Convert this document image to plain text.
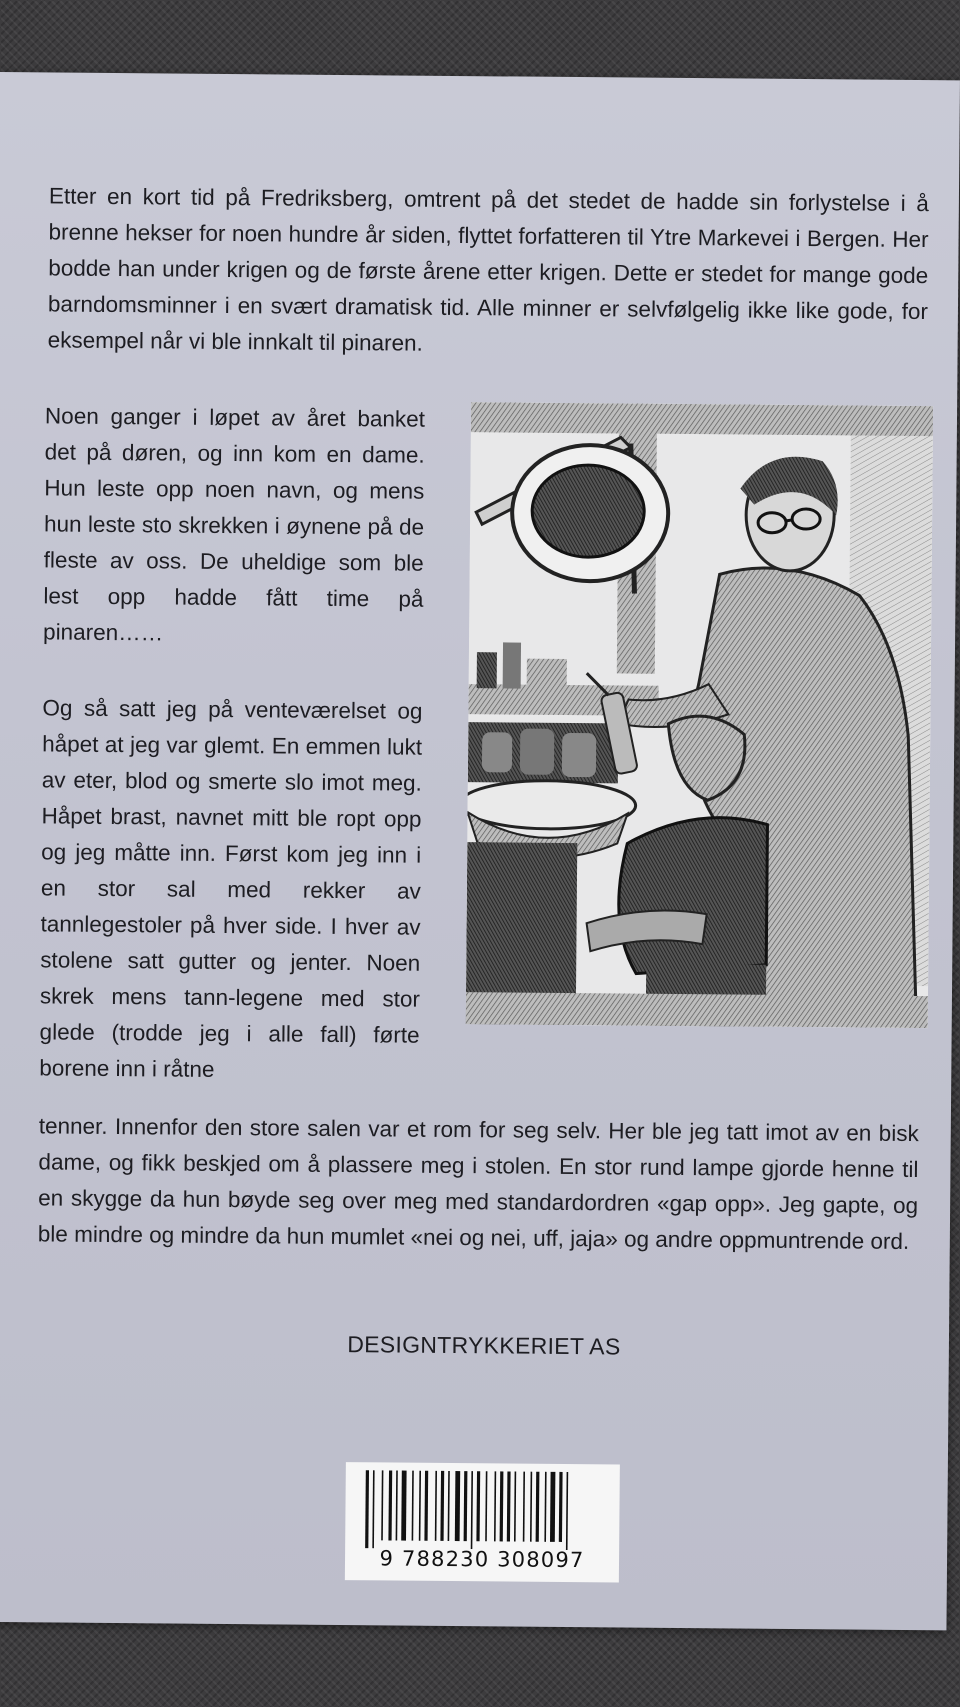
Etter en kort tid på Fredriksberg, omtrent på det stedet de hadde sin forlystelse i å brenne hekser for noen hundre år siden, flyttet forfatteren til Ytre Markevei i Bergen. Her bodde han under krigen og de første årene etter krigen. Dette er stedet for mange gode barndomsminner i en svært dramatisk tid. Alle minner er selvfølgelig ikke like gode, for eksempel når vi ble innkalt til pinaren.

Noen ganger i løpet av året banket det på døren, og inn kom en dame. Hun leste opp noen navn, og mens hun leste sto skrekken i øynene på de fleste av oss. De uheldige som ble lest opp hadde fått time på pinaren……

Og så satt jeg på venteværelset og håpet at jeg var glemt. En emmen lukt av eter, blod og smerte slo imot meg. Håpet brast, navnet mitt ble ropt opp og jeg måtte inn. Først kom jeg inn i en stor sal med rekker av tannlegestoler på hver side. I hver av stolene satt gutter og jenter. Noen skrek mens tann-legene med stor glede (trodde jeg i alle fall) førte borene inn i råtne

tenner. Innenfor den store salen var et rom for seg selv. Her ble jeg tatt imot av en bisk dame, og fikk beskjed om å plassere meg i stolen. En stor rund lampe gjorde henne til en skygge da hun bøyde seg over meg med standardordren «gap opp». Jeg gapte, og ble mindre og mindre da hun mumlet «nei og nei, uff, jaja» og andre oppmuntrende ord.

DESIGNTRYKKERIET AS
9 788230 308097
